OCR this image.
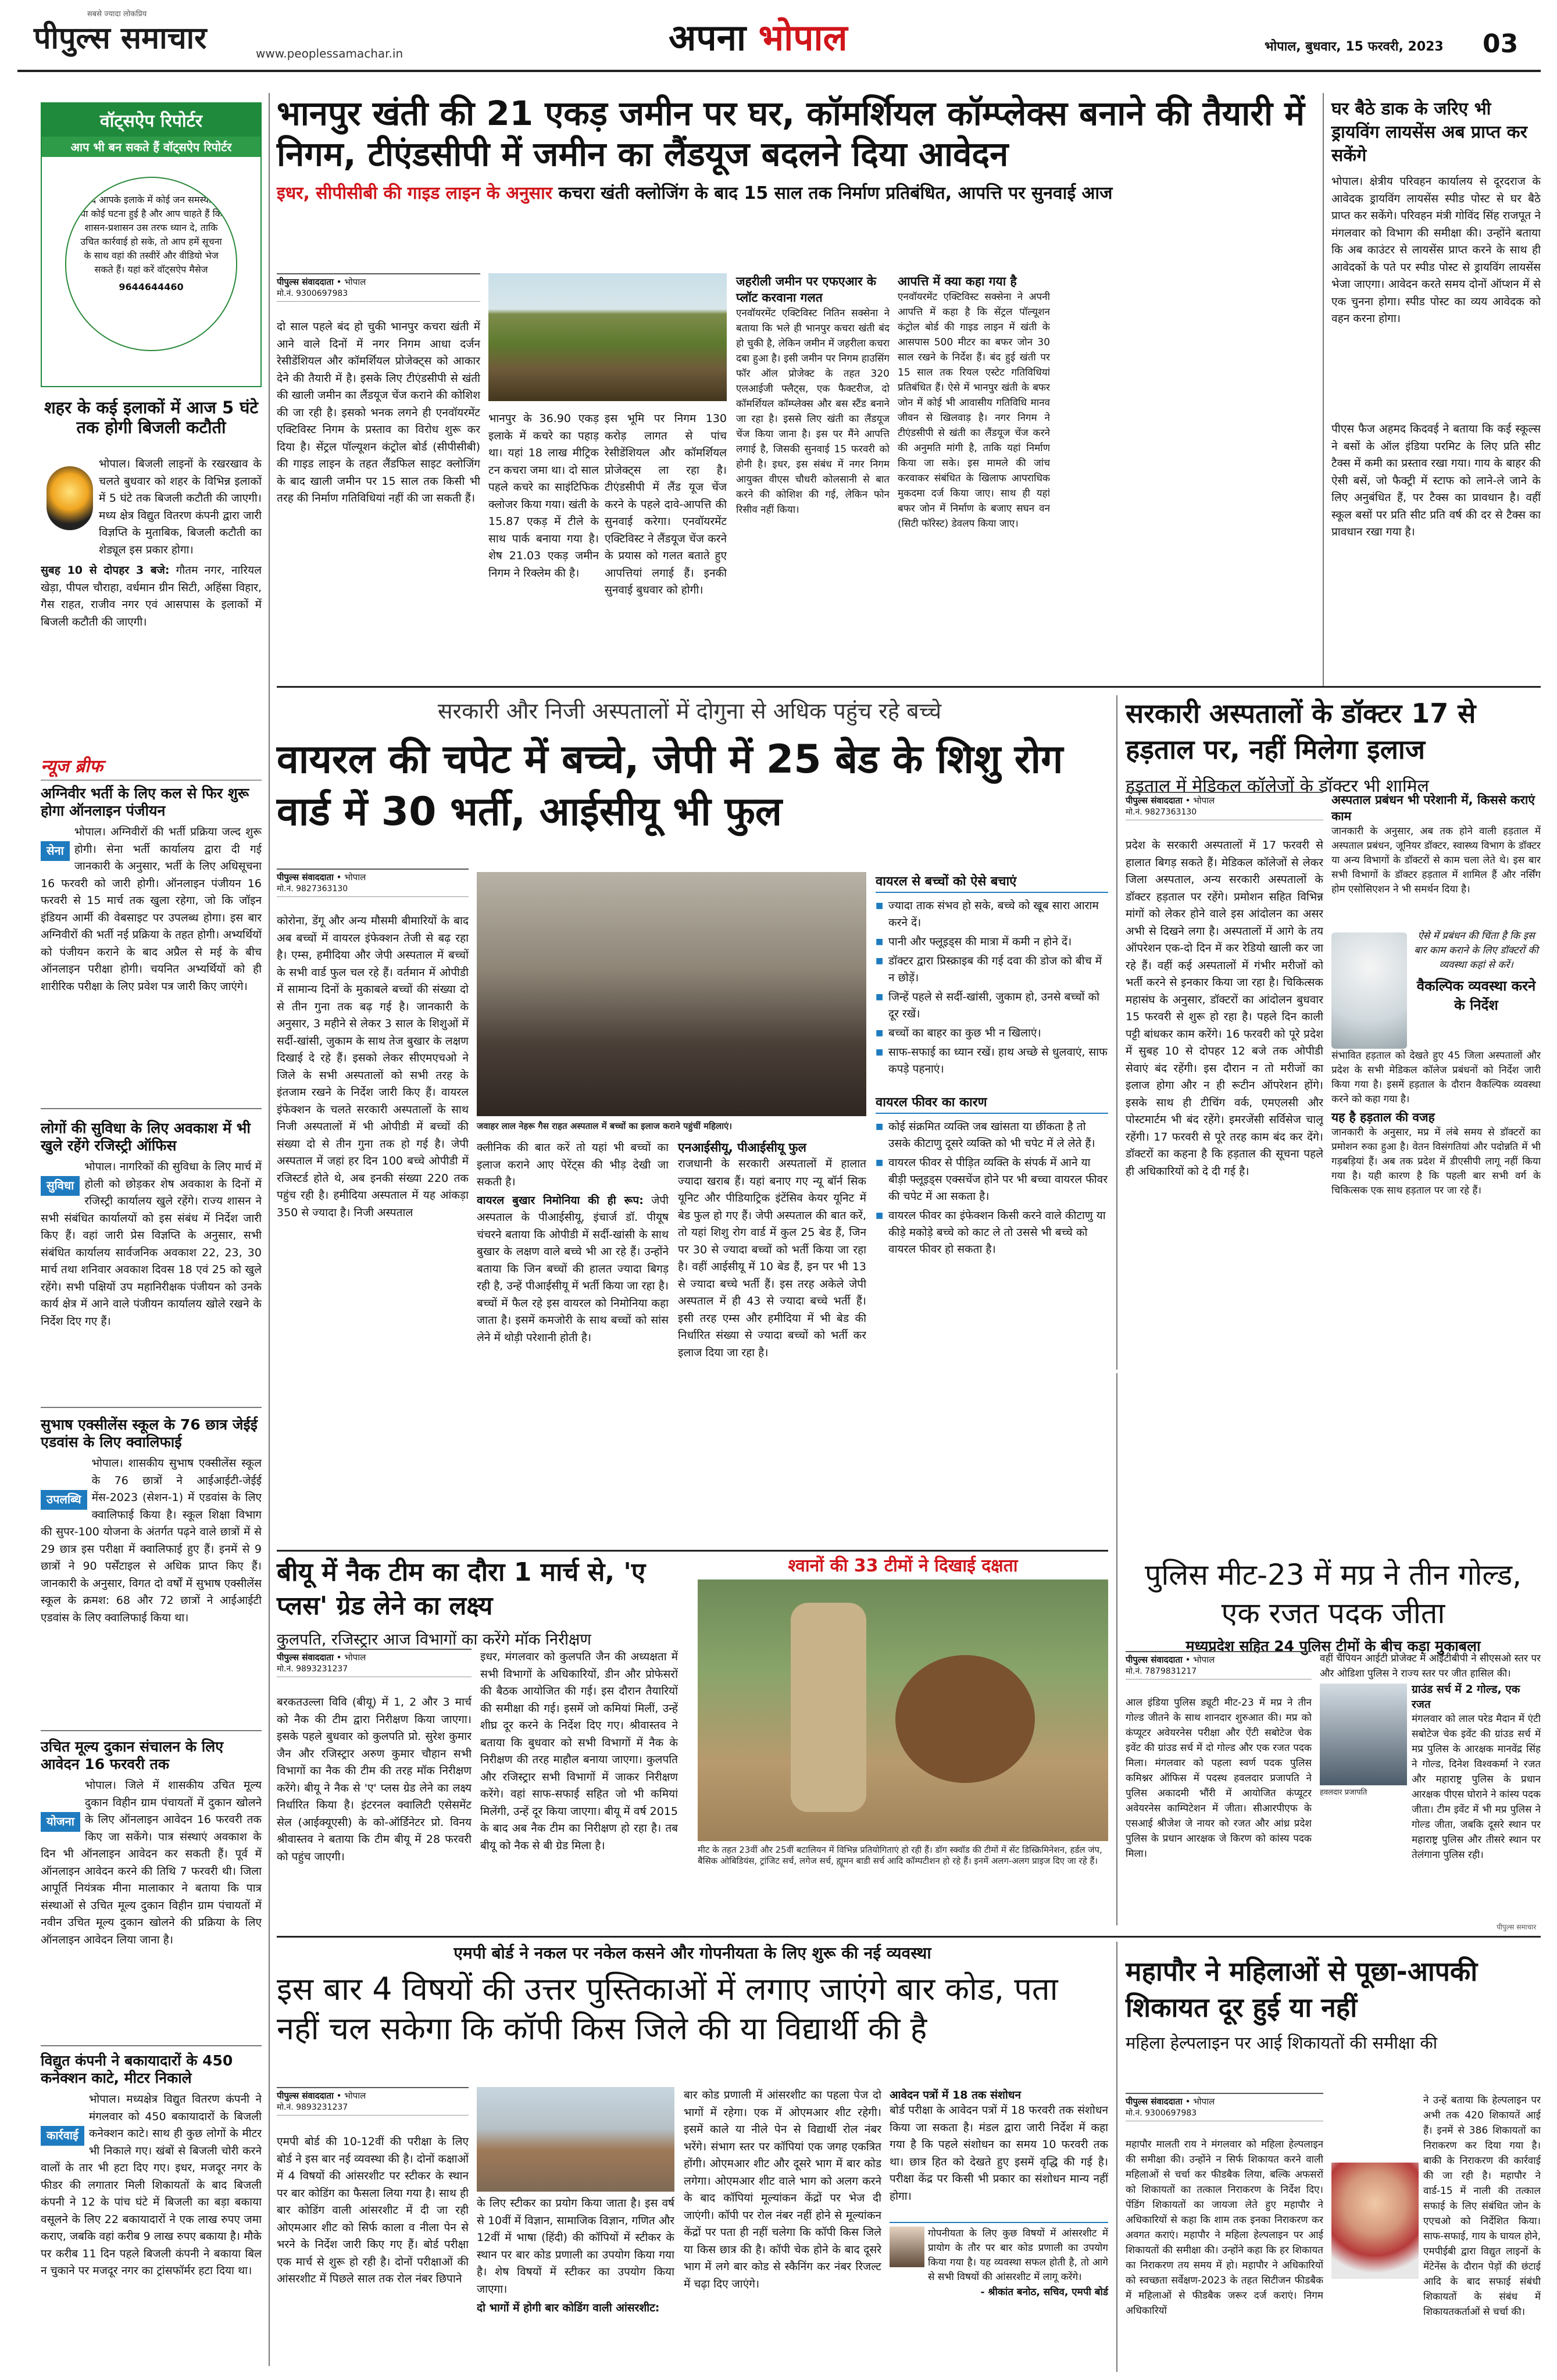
पीपुल्स समाचार
सबसे ज्यादा लोकप्रिय
www.peoplessamachar.in	अपना भोपाल	भोपाल, बुधवार, 15 फरवरी, 2023 03
वॉट्सऐप रिपोर्टर
आप भी बन सकते हैं वॉट्सऐप रिपोर्टर
यदि आपके इलाके में कोई जन समस्या है या कोई घटना हुई है और आप चाहते हैं कि शासन-प्रशासन उस तरफ ध्यान दे, ताकि उचित कार्रवाई हो सके, तो आप हमें सूचना के साथ वहां की तस्वीरें और वीडियो भेज सकते हैं। यहां करें वॉट्सऐप मैसेज
9644644460
शहर के कई इलाकों में आज 5 घंटे तक होगी बिजली कटौती
भोपाल। बिजली लाइनों के रखरखाव के चलते बुधवार को शहर के विभिन्न इलाकों में 5 घंटे तक बिजली कटौती की जाएगी। मध्य क्षेत्र विद्युत वितरण कंपनी द्वारा जारी विज्ञप्ति के मुताबिक, बिजली कटौती का शेड्यूल इस प्रकार होगा।

सुबह 10 से दोपहर 3 बजे: गौतम नगर, नारियल खेड़ा, पीपल चौराहा, वर्धमान ग्रीन सिटी, अहिंसा विहार, गैस राहत, राजीव नगर एवं आसपास के इलाकों में बिजली कटौती की जाएगी।

न्यूज ब्रीफ
अग्निवीर भर्ती के लिए कल से फिर शुरू होगा ऑनलाइन पंजीयन
सेना
भोपाल। अग्निवीरों की भर्ती प्रक्रिया जल्द शुरू होगी। सेना भर्ती कार्यालय द्वारा दी गई जानकारी के अनुसार, भर्ती के लिए अधिसूचना 16 फरवरी को जारी होगी। ऑनलाइन पंजीयन 16 फरवरी से 15 मार्च तक खुला रहेगा, जो कि जॉइन इंडियन आर्मी की वेबसाइट पर उपलब्ध होगा। इस बार अग्निवीरों की भर्ती नई प्रक्रिया के तहत होगी। अभ्यर्थियों को पंजीयन कराने के बाद अप्रैल से मई के बीच ऑनलाइन परीक्षा होगी। चयनित अभ्यर्थियों को ही शारीरिक परीक्षा के लिए प्रवेश पत्र जारी किए जाएंगे।
लोगों की सुविधा के लिए अवकाश में भी खुले रहेंगे रजिस्ट्री ऑफिस
सुविधा
भोपाल। नागरिकों की सुविधा के लिए मार्च में होली को छोड़कर शेष अवकाश के दिनों में रजिस्ट्री कार्यालय खुले रहेंगे। राज्य शासन ने सभी संबंधित कार्यालयों को इस संबंध में निर्देश जारी किए हैं। वहां जारी प्रेस विज्ञप्ति के अनुसार, सभी संबंधित कार्यालय सार्वजनिक अवकाश 22, 23, 30 मार्च तथा शनिवार अवकाश दिवस 18 एवं 25 को खुले रहेंगे। सभी पक्षियों उप महानिरीक्षक पंजीयन को उनके कार्य क्षेत्र में आने वाले पंजीयन कार्यालय खोले रखने के निर्देश दिए गए हैं।
सुभाष एक्सीलेंस स्कूल के 76 छात्र जेईई एडवांस के लिए क्वालिफाई
उपलब्धि
भोपाल। शासकीय सुभाष एक्सीलेंस स्कूल के 76 छात्रों ने आईआईटी-जेईई मेंस-2023 (सेशन-1) में एडवांस के लिए क्वालिफाई किया है। स्कूल शिक्षा विभाग की सुपर-100 योजना के अंतर्गत पढ़ने वाले छात्रों में से 29 छात्र इस परीक्षा में क्वालिफाई हुए हैं। इनमें से 9 छात्रों ने 90 पर्सेंटाइल से अधिक प्राप्त किए हैं। जानकारी के अनुसार, विगत दो वर्षों में सुभाष एक्सीलेंस स्कूल के क्रमश: 68 और 72 छात्रों ने आईआईटी एडवांस के लिए क्वालिफाई किया था।
उचित मूल्य दुकान संचालन के लिए आवेदन 16 फरवरी तक
योजना
भोपाल। जिले में शासकीय उचित मूल्य दुकान विहीन ग्राम पंचायतों में दुकान खोलने के लिए ऑनलाइन आवेदन 16 फरवरी तक किए जा सकेंगे। पात्र संस्थाएं अवकाश के दिन भी ऑनलाइन आवेदन कर सकती हैं। पूर्व में ऑनलाइन आवेदन करने की तिथि 7 फरवरी थी। जिला आपूर्ति नियंत्रक मीना मालाकार ने बताया कि पात्र संस्थाओं से उचित मूल्य दुकान विहीन ग्राम पंचायतों में नवीन उचित मूल्य दुकान खोलने की प्रक्रिया के लिए ऑनलाइन आवेदन लिया जाना है।
विद्युत कंपनी ने बकायादारों के 450 कनेक्शन काटे, मीटर निकाले
कार्रवाई
भोपाल। मध्यक्षेत्र विद्युत वितरण कंपनी ने मंगलवार को 450 बकायादारों के बिजली कनेक्शन काटे। साथ ही कुछ लोगों के मीटर भी निकाले गए। खंबों से बिजली चोरी करने वालों के तार भी हटा दिए गए। इधर, मजदूर नगर के फीडर की लगातार मिली शिकायतों के बाद बिजली कंपनी ने 12 के पांच घंटे में बिजली का बड़ा बकाया वसूलने के लिए 22 बकायादारों ने एक लाख रुपए जमा कराए, जबकि वहां करीब 9 लाख रुपए बकाया है। मौके पर करीब 11 दिन पहले बिजली कंपनी ने बकाया बिल न चुकाने पर मजदूर नगर का ट्रांसफॉर्मर हटा दिया था।
भानपुर खंती की 21 एकड़ जमीन पर घर, कॉमर्शियल कॉम्प्लेक्स बनाने की तैयारी में निगम, टीएंडसीपी में जमीन का लैंडयूज बदलने दिया आवेदन
इधर, सीपीसीबी की गाइड लाइन के अनुसार कचरा खंती क्लोजिंग के बाद 15 साल तक निर्माण प्रतिबंधित, आपत्ति पर सुनवाई आज
पीपुल्स संवाददाता • भोपाल
मो.नं. 9300697983
दो साल पहले बंद हो चुकी भानपुर कचरा खंती में आने वाले दिनों में नगर निगम आधा दर्जन रेसीडेंशियल और कॉमर्शियल प्रोजेक्ट्स को आकार देने की तैयारी में है। इसके लिए टीएंडसीपी से खंती की खाली जमीन का लैंडयूज चेंज कराने की कोशिश की जा रही है। इसको भनक लगने ही एनवॉयरमेंट एक्टिविस्ट निगम के प्रस्ताव का विरोध शुरू कर दिया है। सेंट्रल पॉल्यूशन कंट्रोल बोर्ड (सीपीसीबी) की गाइड लाइन के तहत लैंडफिल साइट क्लोजिंग के बाद खाली जमीन पर 15 साल तक किसी भी तरह की निर्माण गतिविधियां नहीं की जा सकती हैं।
भानपुर के 36.90 एकड़ इलाके में कचरे का पहाड़ था। यहां 18 लाख मीट्रिक टन कचरा जमा था। दो साल पहले कचरे का साइंटिफिक क्लोजर किया गया। खंती के 15.87 एकड़ में टीले के साथ पार्क बनाया गया है। शेष 21.03 एकड़ जमीन निगम ने रिक्लेम की है।
इस भूमि पर निगम 130 करोड़ लागत से पांच रेसीडेंशियल और कॉमर्शियल प्रोजेक्ट्स ला रहा है। टीएंडसीपी में लैंड यूज चेंज करने के पहले दावे-आपत्ति की सुनवाई करेगा। एनवॉयरमेंट एक्टिविस्ट ने लैंडयूज चेंज करने के प्रयास को गलत बताते हुए आपत्तियां लगाई हैं। इनकी सुनवाई बुधवार को होगी।
जहरीली जमीन पर एफएआर के प्लॉट करवाना गलत
एनवॉयरमेंट एक्टिविस्ट नितिन सक्सेना ने बताया कि भले ही भानपुर कचरा खंती बंद हो चुकी है, लेकिन जमीन में जहरीला कचरा दबा हुआ है। इसी जमीन पर निगम हाउसिंग फॉर ऑल प्रोजेक्ट के तहत 320 एलआईजी फ्लैट्स, एक फैक्टरीज, दो कॉमर्शियल कॉम्प्लेक्स और बस स्टैंड बनाने जा रहा है। इससे लिए खंती का लैंडयूज चेंज किया जाना है। इस पर मैंने आपत्ति लगाई है, जिसकी सुनवाई 15 फरवरी को होनी है। इधर, इस संबंध में नगर निगम आयुक्त वीएस चौधरी कोलसानी से बात करने की कोशिश की गई, लेकिन फोन रिसीव नहीं किया।
आपत्ति में क्या कहा गया है
एनवॉयरमेंट एक्टिविस्ट सक्सेना ने अपनी आपत्ति में कहा है कि सेंट्रल पॉल्यूशन कंट्रोल बोर्ड की गाइड लाइन में खंती के आसपास 500 मीटर का बफर जोन 30 साल रखने के निर्देश हैं। बंद हुई खंती पर 15 साल तक रियल एस्टेट गतिविधियां प्रतिबंधित हैं। ऐसे में भानपुर खंती के बफर जोन में कोई भी आवासीय गतिविधि मानव जीवन से खिलवाड़ है। नगर निगम ने टीएंडसीपी से खंती का लैंडयूज चेंज करने की अनुमति मांगी है, ताकि यहां निर्माण किया जा सके। इस मामले की जांच करवाकर संबंधित के खिलाफ आपराधिक मुकदमा दर्ज किया जाए। साथ ही यहां बफर जोन में निर्माण के बजाए सघन वन (सिटी फॉरेस्ट) डेवलप किया जाए।
घर बैठे डाक के जरिए भी ड्रायविंग लायसेंस अब प्राप्त कर सकेंगे
भोपाल। क्षेत्रीय परिवहन कार्यालय से दूरदराज के आवेदक ड्रायविंग लायसेंस स्पीड पोस्ट से घर बैठे प्राप्त कर सकेंगे। परिवहन मंत्री गोविंद सिंह राजपूत ने मंगलवार को विभाग की समीक्षा की। उन्होंने बताया कि अब काउंटर से लायसेंस प्राप्त करने के साथ ही आवेदकों के पते पर स्पीड पोस्ट से ड्रायविंग लायसेंस भेजा जाएगा। आवेदन करते समय दोनों ऑप्शन में से एक चुनना होगा। स्पीड पोस्ट का व्यय आवेदक को वहन करना होगा।
पीएस फैज अहमद किदवई ने बताया कि कई स्कूल्स ने बसों के ऑल इंडिया परमिट के लिए प्रति सीट टैक्स में कमी का प्रस्ताव रखा गया। गाय के बाहर की ऐसी बसें, जो फैक्ट्री में स्टाफ को लाने-ले जाने के लिए अनुबंधित हैं, पर टैक्स का प्रावधान है। वहीं स्कूल बसों पर प्रति सीट प्रति वर्ष की दर से टैक्स का प्रावधान रखा गया है।
सरकारी और निजी अस्पतालों में दोगुना से अधिक पहुंच रहे बच्चे
वायरल की चपेट में बच्चे, जेपी में 25 बेड के शिशु रोग वार्ड में 30 भर्ती, आईसीयू भी फुल
पीपुल्स संवाददाता • भोपाल
मो.नं. 9827363130
कोरोना, डेंगू और अन्य मौसमी बीमारियों के बाद अब बच्चों में वायरल इंफेक्शन तेजी से बढ़ रहा है। एम्स, हमीदिया और जेपी अस्पताल में बच्चों के सभी वार्ड फुल चल रहे हैं। वर्तमान में ओपीडी में सामान्य दिनों के मुकाबले बच्चों की संख्या दो से तीन गुना तक बढ़ गई है। जानकारी के अनुसार, 3 महीने से लेकर 3 साल के शिशुओं में सर्दी-खांसी, जुकाम के साथ तेज बुखार के लक्षण दिखाई दे रहे हैं। इसको लेकर सीएमएचओ ने जिले के सभी अस्पतालों को सभी तरह के इंतजाम रखने के निर्देश जारी किए हैं। वायरल इंफेक्शन के चलते सरकारी अस्पतालों के साथ निजी अस्पतालों में भी ओपीडी में बच्चों की संख्या दो से तीन गुना तक हो गई है। जेपी अस्पताल में जहां हर दिन 100 बच्चे ओपीडी में रजिस्टर्ड होते थे, अब इनकी संख्या 220 तक पहुंच रही है। हमीदिया अस्पताल में यह आंकड़ा 350 से ज्यादा है। निजी अस्पताल
जवाहर लाल नेहरू गैस राहत अस्पताल में बच्चों का इलाज कराने पहुंचीं महिलाएं।
क्लीनिक की बात करें तो यहां भी बच्चों का इलाज कराने आए पेरेंट्स की भीड़ देखी जा सकती है।
वायरल बुखार निमोनिया की ही रूप: जेपी अस्पताल के पीआईसीयू, इंचार्ज डॉ. पीयूष चंचरने बताया कि ओपीडी में सर्दी-खांसी के साथ बुखार के लक्षण वाले बच्चे भी आ रहे हैं। उन्होंने बताया कि जिन बच्चों की हालत ज्यादा बिगड़ रही है, उन्हें पीआईसीयू में भर्ती किया जा रहा है। बच्चों में फैल रहे इस वायरल को निमोनिया कहा जाता है। इसमें कमजोरी के साथ बच्चों को सांस लेने में थोड़ी परेशानी होती है।
एनआईसीयू, पीआईसीयू फुल
राजधानी के सरकारी अस्पतालों में हालात ज्यादा खराब हैं। यहां बनाए गए न्यू बॉर्न सिक यूनिट और पीडियाट्रिक इंटेंसिव केयर यूनिट में बेड फुल हो गए हैं। जेपी अस्पताल की बात करें, तो यहां शिशु रोग वार्ड में कुल 25 बेड हैं, जिन पर 30 से ज्यादा बच्चों को भर्ती किया जा रहा है। वहीं आईसीयू में 10 बेड हैं, इन पर भी 13 से ज्यादा बच्चे भर्ती हैं। इस तरह अकेले जेपी अस्पताल में ही 43 से ज्यादा बच्चे भर्ती हैं। इसी तरह एम्स और हमीदिया में भी बेड की निर्धारित संख्या से ज्यादा बच्चों को भर्ती कर इलाज दिया जा रहा है।
वायरल से बच्चों को ऐसे बचाएं
■ ज्यादा ताक संभव हो सके, बच्चे को खूब सारा आराम करने दें।
■ पानी और फ्लूइड्स की मात्रा में कमी न होने दें।
■ डॉक्टर द्वारा प्रिस्क्राइब की गई दवा की डोज को बीच में न छोड़ें।
■ जिन्हें पहले से सर्दी-खांसी, जुकाम हो, उनसे बच्चों को दूर रखें।
■ बच्चों का बाहर का कुछ भी न खिलाएं।
■ साफ-सफाई का ध्यान रखें। हाथ अच्छे से धुलवाएं, साफ कपड़े पहनाएं।
वायरल फीवर का कारण
■ कोई संक्रमित व्यक्ति जब खांसता या छींकता है तो उसके कीटाणु दूसरे व्यक्ति को भी चपेट में ले लेते हैं।
■ वायरल फीवर से पीड़ित व्यक्ति के संपर्क में आने या बीड़ी फ्लूइड्स एक्सचेंज होने पर भी बच्चा वायरल फीवर की चपेट में आ सकता है।
■ वायरल फीवर का इंफेक्शन किसी करने वाले कीटाणु या कीड़े मकोड़े बच्चे को काट ले तो उससे भी बच्चे को वायरल फीवर हो सकता है।
सरकारी अस्पतालों के डॉक्टर 17 से हड़ताल पर, नहीं मिलेगा इलाज
हड़ताल में मेडिकल कॉलेजों के डॉक्टर भी शामिल
पीपुल्स संवाददाता • भोपाल
मो.नं. 9827363130
प्रदेश के सरकारी अस्पतालों में 17 फरवरी से हालात बिगड़ सकते हैं। मेडिकल कॉलेजों से लेकर जिला अस्पताल, अन्य सरकारी अस्पतालों के डॉक्टर हड़ताल पर रहेंगे। प्रमोशन सहित विभिन्न मांगों को लेकर होने वाले इस आंदोलन का असर अभी से दिखने लगा है। अस्पतालों में आगे के तय ऑपरेशन एक-दो दिन में कर रेडियो खाली कर जा रहे हैं। वहीं कई अस्पतालों में गंभीर मरीजों को भर्ती करने से इनकार किया जा रहा है। चिकित्सक महासंघ के अनुसार, डॉक्टरों का आंदोलन बुधवार 15 फरवरी से शुरू हो रहा है। पहले दिन काली पट्टी बांधकर काम करेंगे। 16 फरवरी को पूरे प्रदेश में सुबह 10 से दोपहर 12 बजे तक ओपीडी सेवाएं बंद रहेंगी। इस दौरान न तो मरीजों का इलाज होगा और न ही रूटीन ऑपरेशन होंगे। इसके साथ ही टीचिंग वर्क, एमएलसी और पोस्टमार्टम भी बंद रहेंगे। इमरजेंसी सर्विसेज चालू रहेंगी। 17 फरवरी से पूरे तरह काम बंद कर देंगे। डॉक्टरों का कहना है कि हड़ताल की सूचना पहले ही अधिकारियों को दे दी गई है।
अस्पताल प्रबंधन भी परेशानी में, किससे कराएं काम
जानकारी के अनुसार, अब तक होने वाली हड़ताल में अस्पताल प्रबंधन, जूनियर डॉक्टर, स्वास्थ्य विभाग के डॉक्टर या अन्य विभागों के डॉक्टरों से काम चला लेते थे। इस बार सभी विभागों के डॉक्टर हड़ताल में शामिल हैं और नर्सिंग होम एसोसिएशन ने भी समर्थन दिया है।
ऐसे में प्रबंधन की चिंता है कि इस बार काम कराने के लिए डॉक्टरों की व्यवस्था कहां से करें।
वैकल्पिक व्यवस्था करने के निर्देश
संभावित हड़ताल को देखते हुए 45 जिला अस्पतालों और प्रदेश के सभी मेडिकल कॉलेज प्रबंधनों को निर्देश जारी किया गया है। इसमें हड़ताल के दौरान वैकल्पिक व्यवस्था करने को कहा गया है।
यह है हड़ताल की वजह
जानकारी के अनुसार, मप्र में लंबे समय से डॉक्टरों का प्रमोशन रुका हुआ है। वेतन विसंगतियां और पदोन्नति में भी गड़बड़ियां हैं। अब तक प्रदेश में डीएसीपी लागू नहीं किया गया है। यही कारण है कि पहली बार सभी वर्ग के चिकित्सक एक साथ हड़ताल पर जा रहे हैं।
बीयू में नैक टीम का दौरा 1 मार्च से, 'ए प्लस' ग्रेड लेने का लक्ष्य
कुलपति, रजिस्ट्रार आज विभागों का करेंगे मॉक निरीक्षण
पीपुल्स संवाददाता • भोपाल
मो.नं. 9893231237
बरकतउल्ला विवि (बीयू) में 1, 2 और 3 मार्च को नैक की टीम द्वारा निरीक्षण किया जाएगा। इसके पहले बुधवार को कुलपति प्रो. सुरेश कुमार जैन और रजिस्ट्रार अरुण कुमार चौहान सभी विभागों का नैक की टीम की तरह मॉक निरीक्षण करेंगे। बीयू ने नैक से 'ए' प्लस ग्रेड लेने का लक्ष्य निर्धारित किया है। इंटरनल क्वालिटी एसेसमेंट सेल (आईक्यूएसी) के को-ऑर्डिनेटर प्रो. विनय श्रीवास्तव ने बताया कि टीम बीयू में 28 फरवरी को पहुंच जाएगी।
इधर, मंगलवार को कुलपति जैन की अध्यक्षता में सभी विभागों के अधिकारियों, डीन और प्रोफेसरों की बैठक आयोजित की गई। इस दौरान तैयारियों की समीक्षा की गई। इसमें जो कमियां मिलीं, उन्हें शीघ्र दूर करने के निर्देश दिए गए। श्रीवास्तव ने बताया कि बुधवार को सभी विभागों में नैक के निरीक्षण की तरह माहौल बनाया जाएगा। कुलपति और रजिस्ट्रार सभी विभागों में जाकर निरीक्षण करेंगे। वहां साफ-सफाई सहित जो भी कमियां मिलेंगी, उन्हें दूर किया जाएगा। बीयू में वर्ष 2015 के बाद अब नैक टीम का निरीक्षण हो रहा है। तब बीयू को नैक से बी ग्रेड मिला है।
श्वानों की 33 टीमों ने दिखाई दक्षता
मीट के तहत 23वीं और 25वीं बटालियन में विभिन्न प्रतियोगिताएं हो रही हैं। डॉग स्क्वॉड की टीमों में सेंट डिस्क्रिमिनेशन, हर्डल जंप, बैसिक ओबिडियंस, ट्रांजिट सर्च, लगेज सर्च, ह्यूमन बाडी सर्च आदि कॉम्पटीशन हो रहे हैं। इनमें अलग-अलग प्राइज दिए जा रहे हैं।
पुलिस मीट-23 में मप्र ने तीन गोल्ड, एक रजत पदक जीता
मध्यप्रदेश सहित 24 पुलिस टीमों के बीच कड़ा मुकाबला
पीपुल्स संवाददाता • भोपाल
मो.नं. 7879831217
आल इंडिया पुलिस ड्यूटी मीट-23 में मप्र ने तीन गोल्ड जीतने के साथ शानदार शुरुआत की। मप्र को कंप्यूटर अवेयरनेस परीक्षा और ऐंटी सबोटेज चेक इवेंट की ग्रांउड सर्च में दो गोल्ड और एक रजत पदक मिला। मंगलवार को पहला स्वर्ण पदक पुलिस कमिश्नर ऑफिस में पदस्थ हवलदार प्रजापति ने पुलिस अकादमी भौंरी में आयोजित कंप्यूटर अवेयरनेस काम्पिटेशन में जीता। सीआरपीएफ के एसआई श्रीजेश जे नायर को रजत और आंध्र प्रदेश पुलिस के प्रधान आरक्षक जे किरण को कांस्य पदक मिला।
वहीं चैंपियन आईटी प्रोजेक्ट में आईटीबीपी ने सीएसओ स्तर पर और ओडिशा पुलिस ने राज्य स्तर पर जीत हासिल की।
हवलदार प्रजापति
ग्राउंड सर्च में 2 गोल्ड, एक रजत
मंगलवार को लाल परेड मैदान में एंटी सबोटेज चेक इवेंट की ग्रांउड सर्च में मप्र पुलिस के आरक्षक मानवेंद्र सिंह ने गोल्ड, दिनेश विश्वकर्मा ने रजत और महाराष्ट्र पुलिस के प्रधान आरक्षक पीएस घोराने ने कांस्य पदक जीता। टीम इवेंट में भी मप्र पुलिस ने गोल्ड जीता, जबकि दूसरे स्थान पर महाराष्ट्र पुलिस और तीसरे स्थान पर तेलंगाना पुलिस रही।
पीपुल्स समाचार
एमपी बोर्ड ने नकल पर नकेल कसने और गोपनीयता के लिए शुरू की नई व्यवस्था
इस बार 4 विषयों की उत्तर पुस्तिकाओं में लगाए जाएंगे बार कोड, पता नहीं चल सकेगा कि कॉपी किस जिले की या विद्यार्थी की है
पीपुल्स संवाददाता • भोपाल
मो.नं. 9893231237
एमपी बोर्ड की 10-12वीं की परीक्षा के लिए बोर्ड ने इस बार नई व्यवस्था की है। दोनों कक्षाओं में 4 विषयों की आंसरशीट पर स्टीकर के स्थान पर बार कोडिंग का फैसला लिया गया है। साथ ही बार कोडिंग वाली आंसरशीट में दी जा रही ओएमआर शीट को सिर्फ काला व नीला पेन से भरने के निर्देश जारी किए गए हैं। बोर्ड परीक्षा एक मार्च से शुरू हो रही है। दोनों परीक्षाओं की आंसरशीट में पिछले साल तक रोल नंबर छिपाने
के लिए स्टीकर का प्रयोग किया जाता है। इस वर्ष से 10वीं में विज्ञान, सामाजिक विज्ञान, गणित और 12वीं में भाषा (हिंदी) की कॉपियों में स्टीकर के स्थान पर बार कोड प्रणाली का उपयोग किया गया है। शेष विषयों में स्टीकर का उपयोग किया जाएगा।
दो भागों में होगी बार कोडिंग वाली आंसरशीट:
बार कोड प्रणाली में आंसरशीट का पहला पेज दो भागों में रहेगा। एक में ओएमआर शीट रहेगी। इसमें काले या नीले पेन से विद्यार्थी रोल नंबर भरेंगे। संभाग स्तर पर कॉपियां एक जगह एकत्रित होंगी। ओएमआर शीट और दूसरे भाग में बार कोड लगेगा। ओएमआर शीट वाले भाग को अलग करने के बाद कॉपियां मूल्यांकन केंद्रों पर भेज दी जाएंगी। कॉपी पर रोल नंबर नहीं होने से मूल्यांकन केंद्रों पर पता ही नहीं चलेगा कि कॉपी किस जिले या किस छात्र की है। कॉपी चेक होने के बाद दूसरे भाग में लगे बार कोड से स्कैनिंग कर नंबर रिजल्ट में चढ़ा दिए जाएंगे।
आवेदन पत्रों में 18 तक संशोधन
बोर्ड परीक्षा के आवेदन पत्रों में 18 फरवरी तक संशोधन किया जा सकता है। मंडल द्वारा जारी निर्देश में कहा गया है कि पहले संशोधन का समय 10 फरवरी तक था। छात्र हित को देखते हुए इसमें वृद्धि की गई है। परीक्षा केंद्र पर किसी भी प्रकार का संशोधन मान्य नहीं होगा।
गोपनीयता के लिए कुछ विषयों में आंसरशीट में प्रायोग के तौर पर बार कोड प्रणाली का उपयोग किया गया है। यह व्यवस्था सफल होती है, तो आगे से सभी विषयों की आंसरशीट में लागू करेंगे।
- श्रीकांत बनोठ, सचिव, एमपी बोर्ड
महापौर ने महिलाओं से पूछा-आपकी शिकायत दूर हुई या नहीं
महिला हेल्पलाइन पर आई शिकायतों की समीक्षा की
पीपुल्स संवाददाता • भोपाल
मो.नं. 9300697983
महापौर मालती राय ने मंगलवार को महिला हेल्पलाइन की समीक्षा की। उन्होंने न सिर्फ शिकायत करने वाली महिलाओं से चर्चा कर फीडबैक लिया, बल्कि अफसरों को शिकायतों का तत्काल निराकरण के निर्देश दिए। पेंडिंग शिकायतों का जायजा लेते हुए महापौर ने अधिकारियों से कहा कि शाम तक इनका निराकरण कर अवगत कराएं। महापौर ने महिला हेल्पलाइन पर आई शिकायतों की समीक्षा की। उन्होंने कहा कि हर शिकायत का निराकरण तय समय में हो। महापौर ने अधिकारियों को स्वच्छता सर्वेक्षण-2023 के तहत सिटीजन फीडबैक में महिलाओं से फीडबैक जरूर दर्ज कराएं। निगम अधिकारियों
ने उन्हें बताया कि हेल्पलाइन पर अभी तक 420 शिकायतें आई हैं। इनमें से 386 शिकायतों का निराकरण कर दिया गया है। बाकी के निराकरण की कार्रवाई की जा रही है। महापौर ने वार्ड-15 में नाली की तत्काल सफाई के लिए संबंधित जोन के एएचओ को निर्देशित किया। साफ-सफाई, गाय के घायल होने, एमपीईबी द्वारा विद्युत लाइनों के मेंटेनेंस के दौरान पेड़ों की छंटाई आदि के बाद सफाई संबंधी शिकायतों के संबंध में शिकायतकर्ताओं से चर्चा की।
